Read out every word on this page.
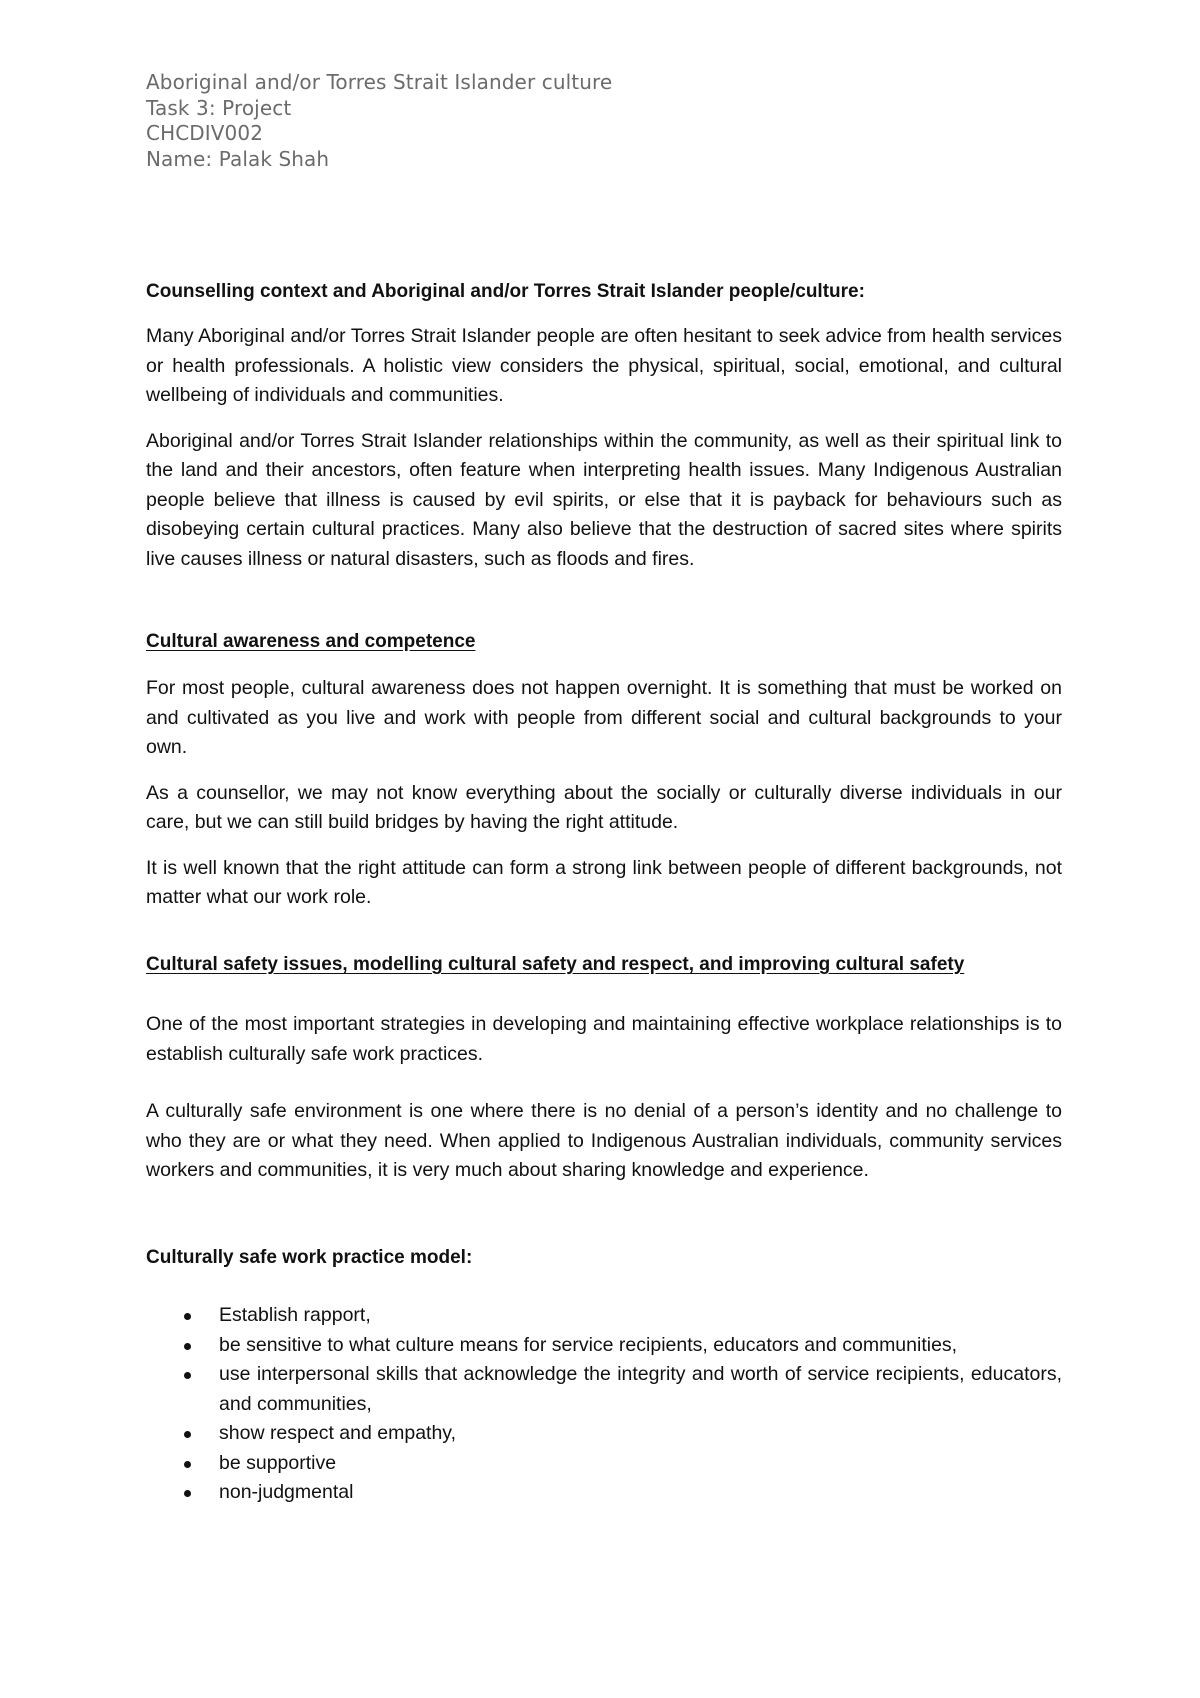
Aboriginal and/or Torres Strait Islander culture
Task 3: Project
CHCDIV002
Name: Palak Shah
Counselling context and Aboriginal and/or Torres Strait Islander people/culture:

Many Aboriginal and/or Torres Strait Islander people are often hesitant to seek advice from health services or health professionals. A holistic view considers the physical, spiritual, social, emotional, and cultural wellbeing of individuals and communities.

Aboriginal and/or Torres Strait Islander relationships within the community, as well as their spiritual link to the land and their ancestors, often feature when interpreting health issues. Many Indigenous Australian people believe that illness is caused by evil spirits, or else that it is payback for behaviours such as disobeying certain cultural practices. Many also believe that the destruction of sacred sites where spirits live causes illness or natural disasters, such as floods and fires.

Cultural awareness and competence

For most people, cultural awareness does not happen overnight. It is something that must be worked on and cultivated as you live and work with people from different social and cultural backgrounds to your own.

As a counsellor, we may not know everything about the socially or culturally diverse individuals in our care, but we can still build bridges by having the right attitude.

It is well known that the right attitude can form a strong link between people of different backgrounds, not matter what our work role.

Cultural safety issues, modelling cultural safety and respect, and improving cultural safety

One of the most important strategies in developing and maintaining effective workplace relationships is to establish culturally safe work practices.

A culturally safe environment is one where there is no denial of a person’s identity and no challenge to who they are or what they need. When applied to Indigenous Australian individuals, community services workers and communities, it is very much about sharing knowledge and experience.

Culturally safe work practice model:
Establish rapport,
be sensitive to what culture means for service recipients, educators and communities,
use interpersonal skills that acknowledge the integrity and worth of service recipients, educators, and communities,
show respect and empathy,
be supportive
non-judgmental
